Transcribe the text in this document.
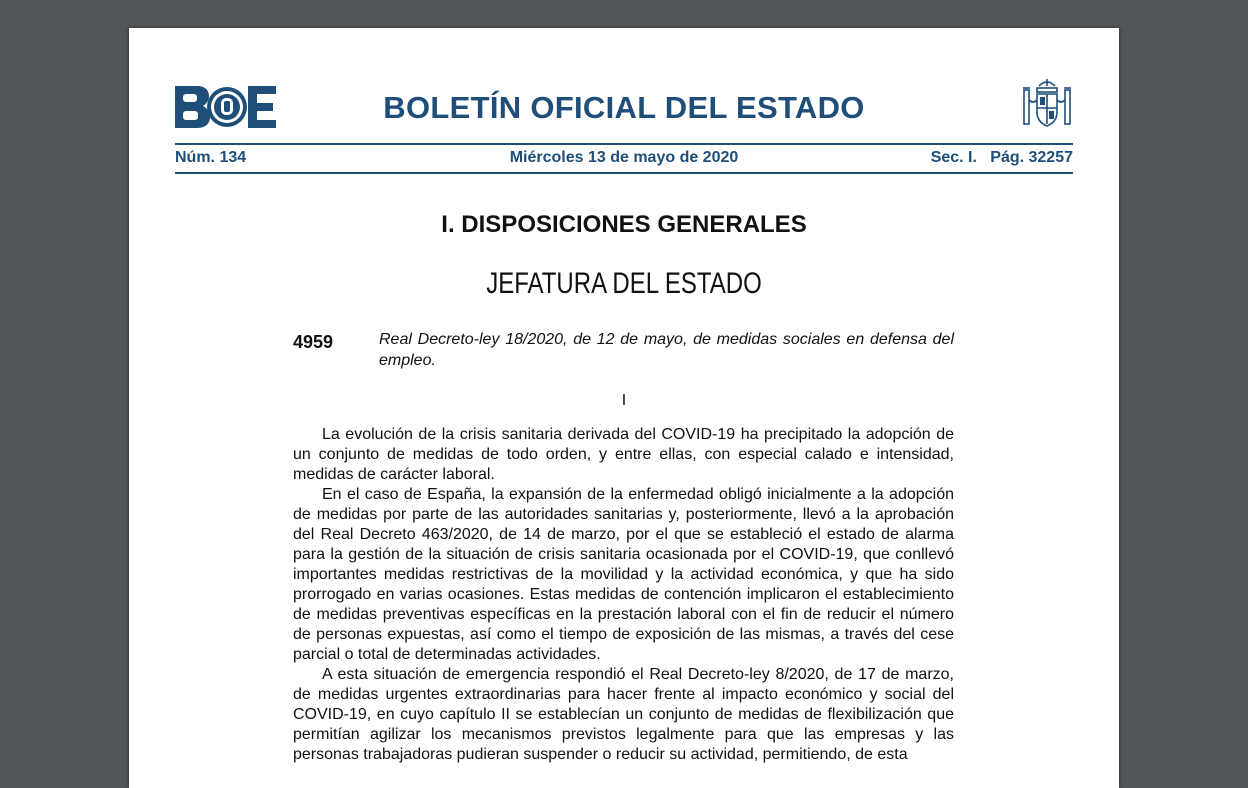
BOLETÍN OFICIAL DEL ESTADO
Núm. 134	Miércoles 13 de mayo de 2020	Sec. I.   Pág. 32257
I. DISPOSICIONES GENERALES
JEFATURA DEL ESTADO
4959	Real Decreto-ley 18/2020, de 12 de mayo, de medidas sociales en defensa del empleo.
I

La evolución de la crisis sanitaria derivada del COVID-19 ha precipitado la adopción de un conjunto de medidas de todo orden, y entre ellas, con especial calado e intensidad, medidas de carácter laboral.

En el caso de España, la expansión de la enfermedad obligó inicialmente a la adopción de medidas por parte de las autoridades sanitarias y, posteriormente, llevó a la aprobación del Real Decreto 463/2020, de 14 de marzo, por el que se estableció el estado de alarma para la gestión de la situación de crisis sanitaria ocasionada por el COVID-19, que conllevó importantes medidas restrictivas de la movilidad y la actividad económica, y que ha sido prorrogado en varias ocasiones. Estas medidas de contención implicaron el establecimiento de medidas preventivas específicas en la prestación laboral con el fin de reducir el número de personas expuestas, así como el tiempo de exposición de las mismas, a través del cese parcial o total de determinadas actividades.

A esta situación de emergencia respondió el Real Decreto-ley 8/2020, de 17 de marzo, de medidas urgentes extraordinarias para hacer frente al impacto económico y social del COVID-19, en cuyo capítulo II se establecían un conjunto de medidas de flexibilización que permitían agilizar los mecanismos previstos legalmente para que las empresas y las personas trabajadoras pudieran suspender o reducir su actividad, permitiendo, de esta
